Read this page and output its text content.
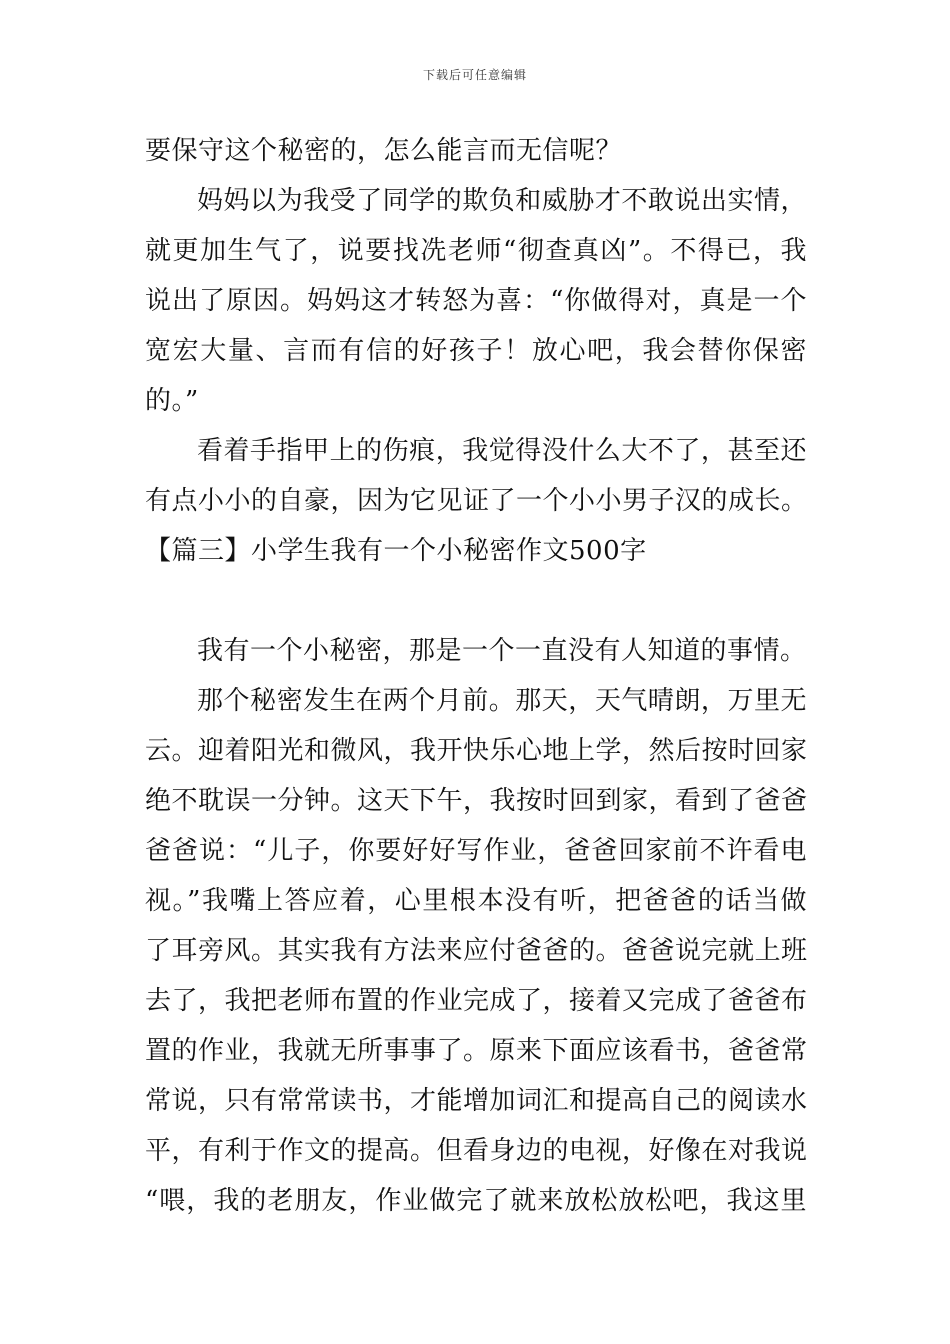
下载后可任意编辑
要保守这个秘密的，怎么能言而无信呢？
妈妈以为我受了同学的欺负和威胁才不敢说出实情，
就更加生气了，说要找冼老师“彻查真凶”。不得已，我
说出了原因。妈妈这才转怒为喜：“你做得对，真是一个
宽宏大量、言而有信的好孩子！放心吧，我会替你保密
的。”
看着手指甲上的伤痕，我觉得没什么大不了，甚至还
有点小小的自豪，因为它见证了一个小小男子汉的成长。
【篇三】小学生我有一个小秘密作文500字
我有一个小秘密，那是一个一直没有人知道的事情。
那个秘密发生在两个月前。那天，天气晴朗，万里无
云。迎着阳光和微风，我开快乐心地上学，然后按时回家
绝不耽误一分钟。这天下午，我按时回到家，看到了爸爸
爸爸说：“儿子，你要好好写作业，爸爸回家前不许看电
视。”我嘴上答应着，心里根本没有听，把爸爸的话当做
了耳旁风。其实我有方法来应付爸爸的。爸爸说完就上班
去了，我把老师布置的作业完成了，接着又完成了爸爸布
置的作业，我就无所事事了。原来下面应该看书，爸爸常
常说，只有常常读书，才能增加词汇和提高自己的阅读水
平，有利于作文的提高。但看身边的电视，好像在对我说
“喂，我的老朋友，作业做完了就来放松放松吧，我这里
